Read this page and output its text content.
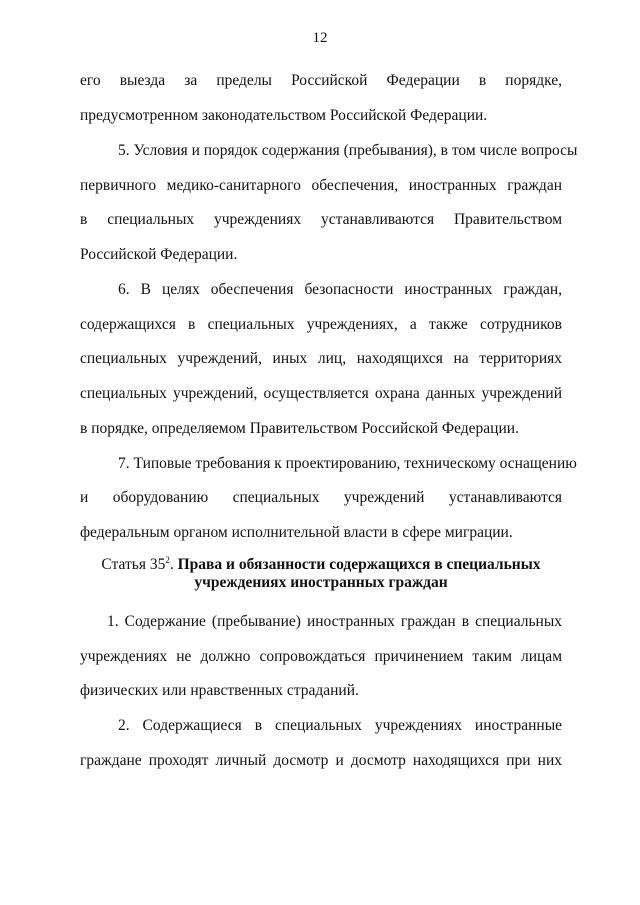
12
его выезда за пределы Российской Федерации в порядке,
предусмотренном законодательством Российской Федерации.
5. Условия и порядок содержания (пребывания), в том числе вопросы
первичного медико-санитарного обеспечения, иностранных граждан
в специальных учреждениях устанавливаются Правительством
Российской Федерации.
6. В целях обеспечения безопасности иностранных граждан,
содержащихся в специальных учреждениях, а также сотрудников
специальных учреждений, иных лиц, находящихся на территориях
специальных учреждений, осуществляется охрана данных учреждений
в порядке, определяемом Правительством Российской Федерации.
7. Типовые требования к проектированию, техническому оснащению
и оборудованию специальных учреждений устанавливаются
федеральным органом исполнительной власти в сфере миграции.
Статья $35^2$. Права и обязанности содержащихся в специальных
учреждениях иностранных граждан
1. Содержание (пребывание) иностранных граждан в специальных
учреждениях не должно сопровождаться причинением таким лицам
физических или нравственных страданий.
2. Содержащиеся в специальных учреждениях иностранные
граждане проходят личный досмотр и досмотр находящихся при них
